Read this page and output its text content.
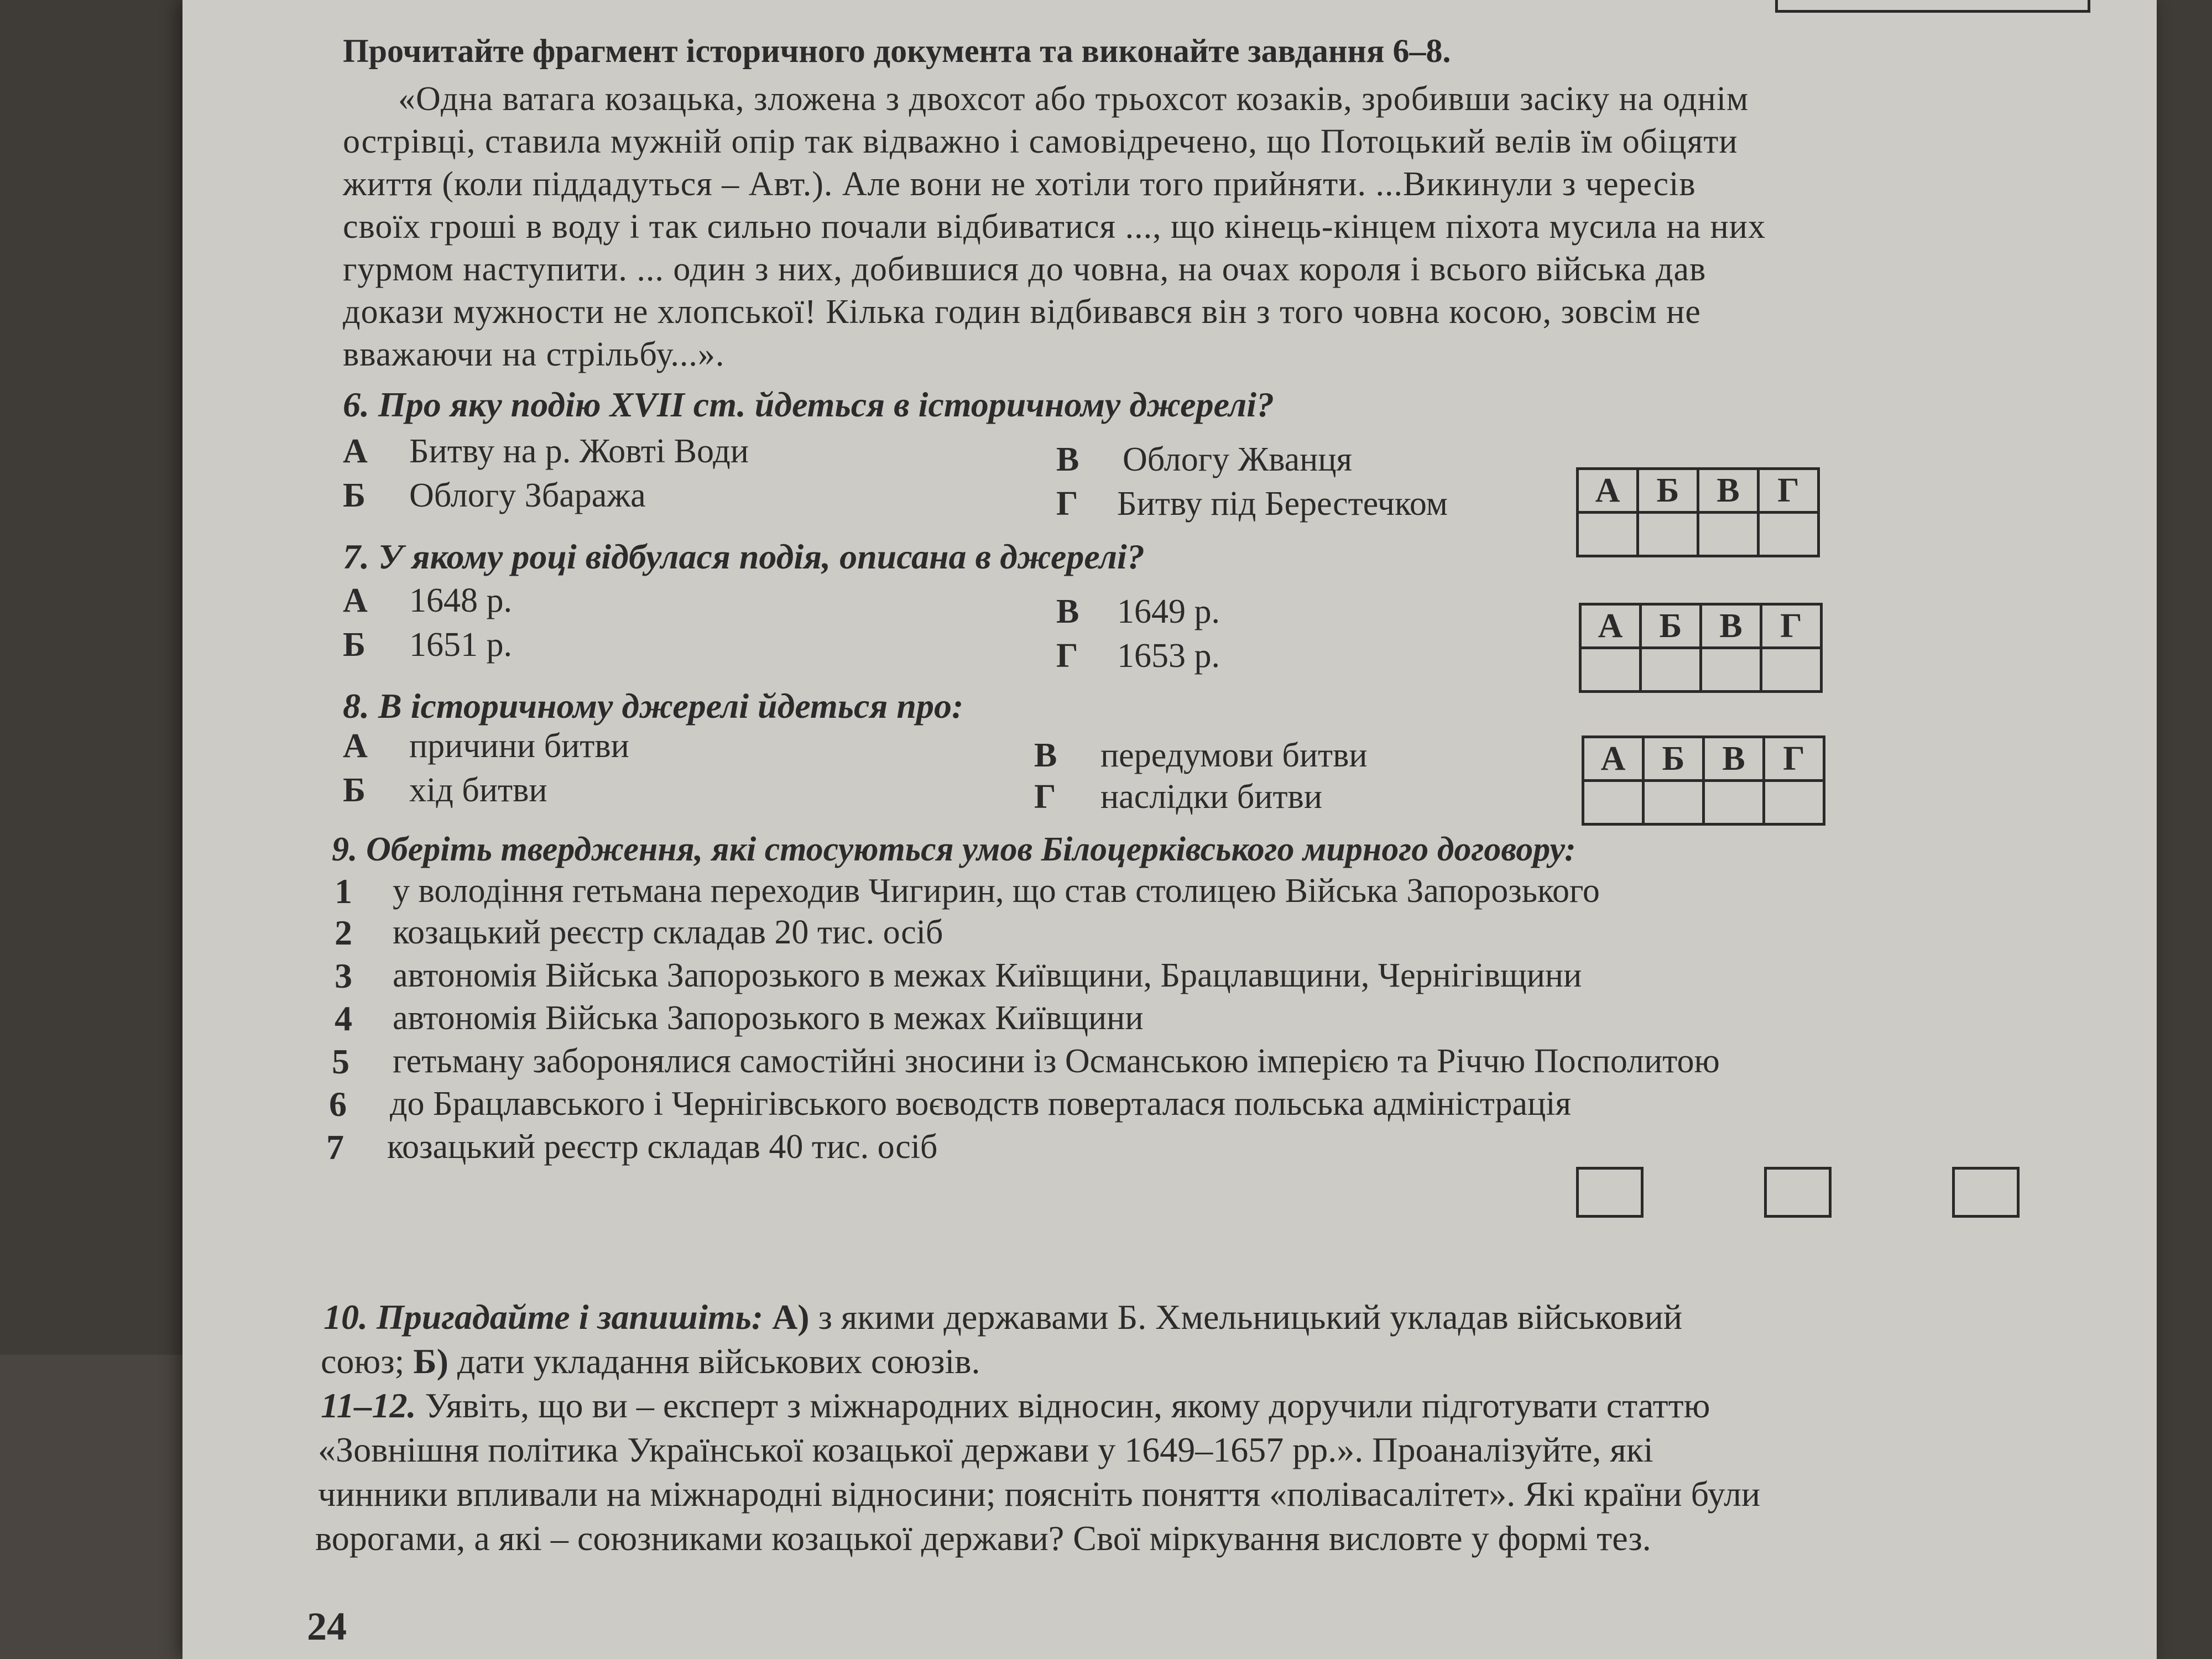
Прочитайте фрагмент історичного документа та виконайте завдання 6–8.
«Одна ватага козацька, зложена з двохсот або трьохсот козаків, зробивши засіку на однім
острівці, ставила мужній опір так відважно і самовідречено, що Потоцький велів їм обіцяти
життя (коли піддадуться – Авт.). Але вони не хотіли того прийняти. ...Викинули з чересів
своїх гроші в воду і так сильно почали відбиватися ..., що кінець-кінцем піхота мусила на них
гурмом наступити. ... один з них, добившися до човна, на очах короля і всього війська дав
докази мужности не хлопської! Кілька годин відбивався він з того човна косою, зовсім не
вважаючи на стрільбу...».
6. Про яку подію XVII ст. йдеться в історичному джерелі?
А Битву на р. Жовті Води
Б Облогу Збаража
В Облогу Жванця
Г Битву під Берестечком	А	Б	В	Г

7. У якому році відбулася подія, описана в джерелі?
А 1648 р.
Б 1651 р.
В 1649 р.
Г 1653 р.
А	Б	В	Г

8. В історичному джерелі йдеться про:
А причини битви
Б хід битви
В передумови битви
Г наслідки битви
А	Б	В	Г

9. Оберіть твердження, які стосуються умов Білоцерківського мирного договору:
1 у володіння гетьмана переходив Чигирин, що став столицею Війська Запорозького
2 козацький реєстр складав 20 тис. осіб
3 автономія Війська Запорозького в межах Київщини, Брацлавщини, Чернігівщини
4 автономія Війська Запорозького в межах Київщини
5 гетьману заборонялися самостійні зносини із Османською імперією та Річчю Посполитою
6 до Брацлавського і Чернігівського воєводств поверталася польська адміністрація
7 козацький реєстр складав 40 тис. осіб
10. Пригадайте і запишіть: А) з якими державами Б. Хмельницький укладав військовий
союз; Б) дати укладання військових союзів.
11–12. Уявіть, що ви – експерт з міжнародних відносин, якому доручили підготувати статтю
«Зовнішня політика Української козацької держави у 1649–1657 рр.». Проаналізуйте, які
чинники впливали на міжнародні відносини; поясніть поняття «полівасалітет». Які країни були
ворогами, а які – союзниками козацької держави? Свої міркування висловте у формі тез.
24
